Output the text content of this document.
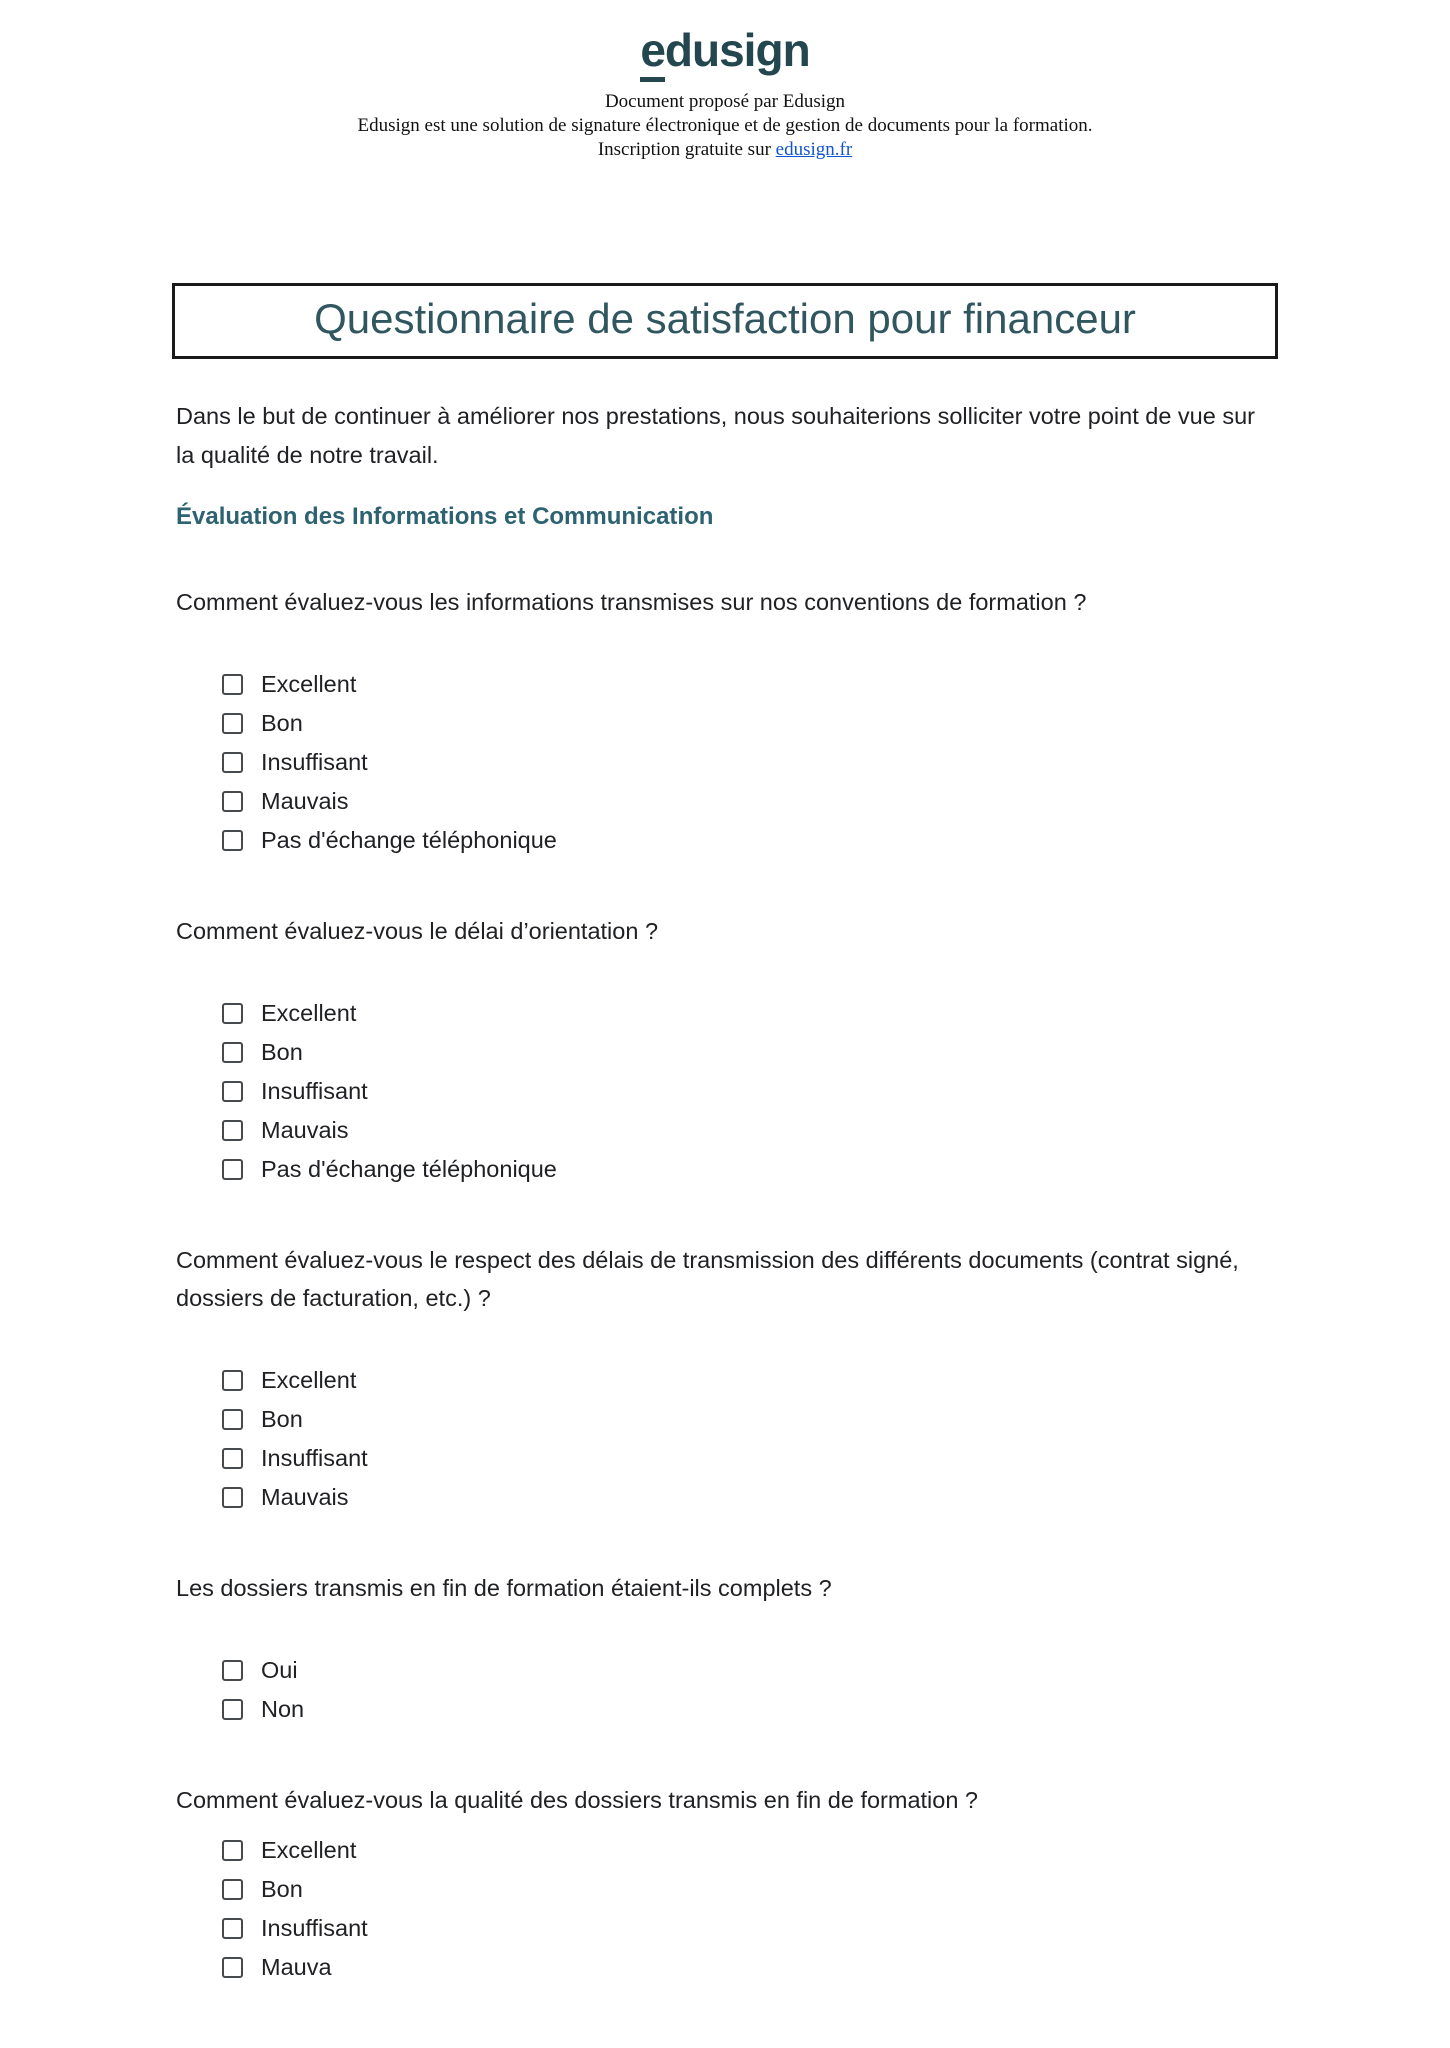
edusign
Document proposé par Edusign
Edusign est une solution de signature électronique et de gestion de documents pour la formation.
Inscription gratuite sur edusign.fr
Questionnaire de satisfaction pour financeur

Dans le but de continuer à améliorer nos prestations, nous souhaiterions solliciter votre point de vue sur la qualité de notre travail.

Évaluation des Informations et Communication
Comment évaluez-vous les informations transmises sur nos conventions de formation ?
Excellent
Bon
Insuffisant
Mauvais
Pas d'échange téléphonique
Comment évaluez-vous le délai d’orientation ?
Excellent
Bon
Insuffisant
Mauvais
Pas d'échange téléphonique
Comment évaluez-vous le respect des délais de transmission des différents documents (contrat signé, dossiers de facturation, etc.) ?
Excellent
Bon
Insuffisant
Mauvais
Les dossiers transmis en fin de formation étaient-ils complets ?
Oui
Non
Comment évaluez-vous la qualité des dossiers transmis en fin de formation ?
Excellent
Bon
Insuffisant
Mauva
